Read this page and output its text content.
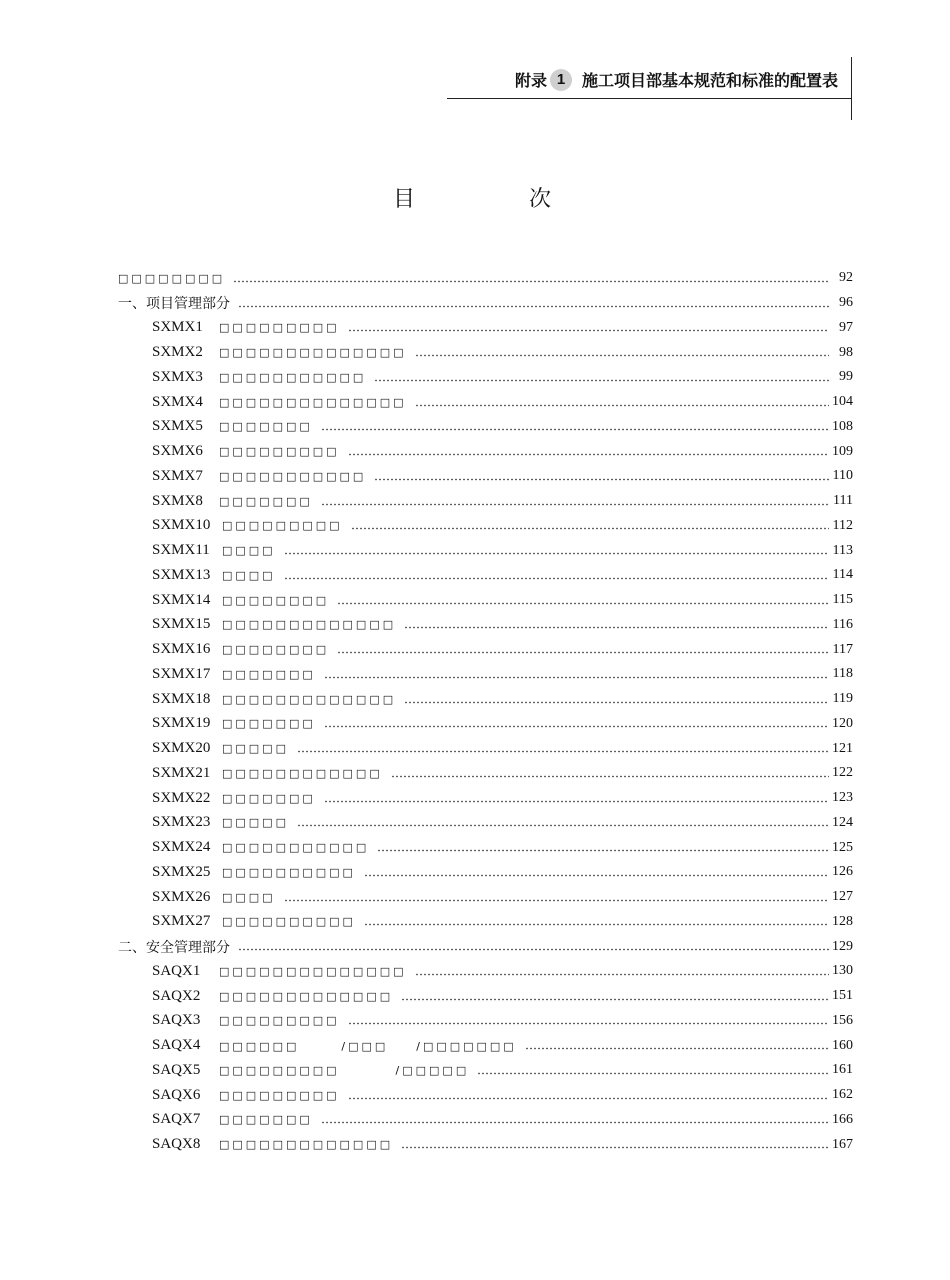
附录 1	施工项目部基本规范和标准的配置表
目　次
□□□□□□□□	92
一、项目管理部分	96
SXMX1	□□□□□□□□□	97
SXMX2	□□□□□□□□□□□□□□	98
SXMX3	□□□□□□□□□□□	99
SXMX4	□□□□□□□□□□□□□□	104
SXMX5	□□□□□□□	108
SXMX6	□□□□□□□□□	109
SXMX7	□□□□□□□□□□□	110
SXMX8	□□□□□□□	111
SXMX10	□□□□□□□□□	112
SXMX11	□□□□	113
SXMX13	□□□□	114
SXMX14	□□□□□□□□	115
SXMX15	□□□□□□□□□□□□□	116
SXMX16	□□□□□□□□	117
SXMX17	□□□□□□□	118
SXMX18	□□□□□□□□□□□□□	119
SXMX19	□□□□□□□	120
SXMX20	□□□□□	121
SXMX21	□□□□□□□□□□□□	122
SXMX22	□□□□□□□	123
SXMX23	□□□□□	124
SXMX24	□□□□□□□□□□□	125
SXMX25	□□□□□□□□□□	126
SXMX26	□□□□	127
SXMX27	□□□□□□□□□□	128
二、安全管理部分	129
SAQX1	□□□□□□□□□□□□□□	130
SAQX2	□□□□□□□□□□□□□	151
SAQX3	□□□□□□□□□	156
SAQX4	□□□□□□　　　/□□□　　/□□□□□□□	160
SAQX5	□□□□□□□□□　　　　/□□□□□	161
SAQX6	□□□□□□□□□	162
SAQX7	□□□□□□□	166
SAQX8	□□□□□□□□□□□□□	167
